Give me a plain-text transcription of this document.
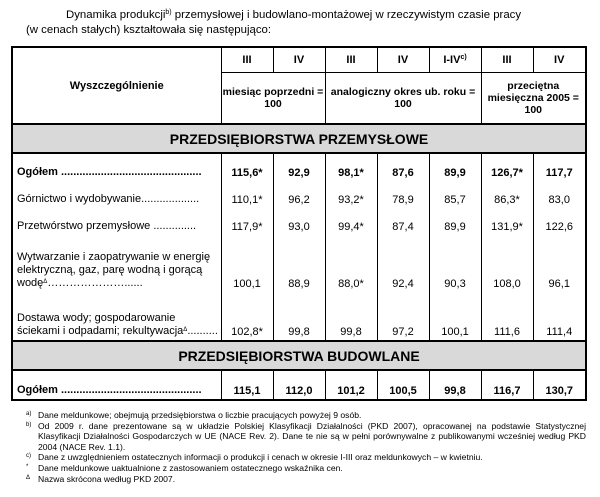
Dynamika produkcji$^{b)}$ przemysłowej i budowlano-montażowej w rzeczywistym czasie pracy
(w cenach stałych) kształtowała się następująco:
Wyszczególnienie	III	IV	III	IV	I-IV$^{c)}$	III	IV
	miesiąc poprzedni = 100		analogiczny okres ub. roku = 100			przeciętna miesięczna 2005 = 100	
PRZEDSIĘBIORSTWA PRZEMYSŁOWE							
Ogółem ..............................................	115,6*	92,9	98,1*	87,6	89,9	126,7*	117,7
Górnictwo i wydobywanie...................	110,1*	96,2	93,2*	78,9	85,7	86,3*	83,0
Przetwórstwo przemysłowe ..............	117,9*	93,0	99,4*	87,4	89,9	131,9*	122,6
Wytwarzanie i zaopatrywanie w energię elektryczną, gaz, parę wodną i gorącą wodę$^\Delta$…………………......	100,1	88,9	88,0*	92,4	90,3	108,0	96,1
Dostawa wody; gospodarowanie ściekami i odpadami; rekultywacja$^\Delta$..........	102,8*	99,8	99,8	97,2	100,1	111,6	111,4
PRZEDSIĘBIORSTWA BUDOWLANE							
Ogółem ..............................................	115,1	112,0	101,2	100,5	99,8	116,7	130,7
$^{a)}$ Dane meldunkowe; obejmują przedsiębiorstwa o liczbie pracujących powyżej 9 osób.
$^{b)}$ Od 2009 r. dane prezentowane są w układzie Polskiej Klasyfikacji Działalności (PKD 2007), opracowanej na podstawie Statystycznej Klasyfikacji Działalności Gospodarczych w UE (NACE Rev. 2). Dane te nie są w pełni porównywalne z publikowanymi wcześniej według PKD 2004 (NACE Rev. 1.1).
$^{c)}$ Dane z uwzględnieniem ostatecznych informacji o produkcji i cenach w okresie I-III oraz meldunkowych – w kwietniu.
*	Dane meldunkowe uaktualnione z zastosowaniem ostatecznego wskaźnika cen.
$^\Delta$ Nazwa skrócona według PKD 2007.
